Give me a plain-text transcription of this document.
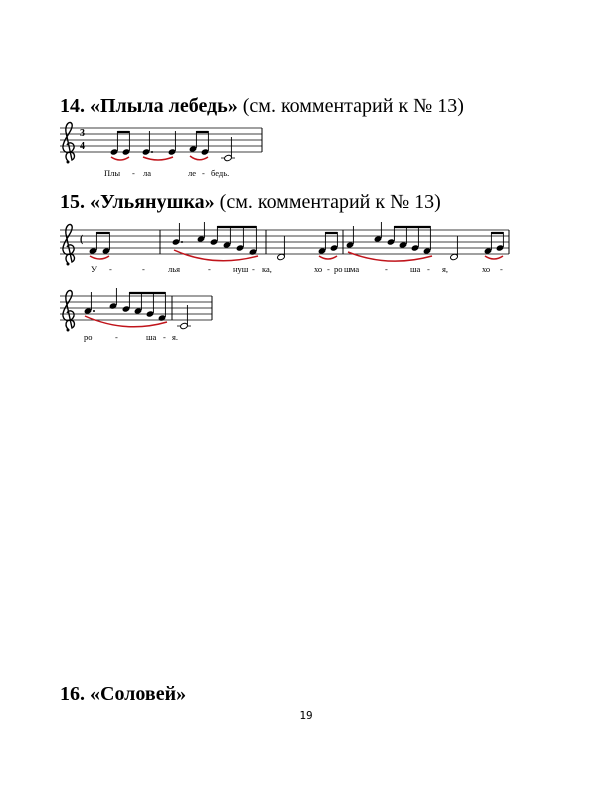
14. «Плыла лебедь» (см. комментарий к № 13)
15. «Ульянушка» (см. комментарий к № 13)
16. «Соловей»
3
4
Плы - ла	ле - бедь.
(
У -	-	лья	-	нуш - ка,	хо - ро ш ма	-	ша - я,	хо -
ро	-	ша - я.
19
